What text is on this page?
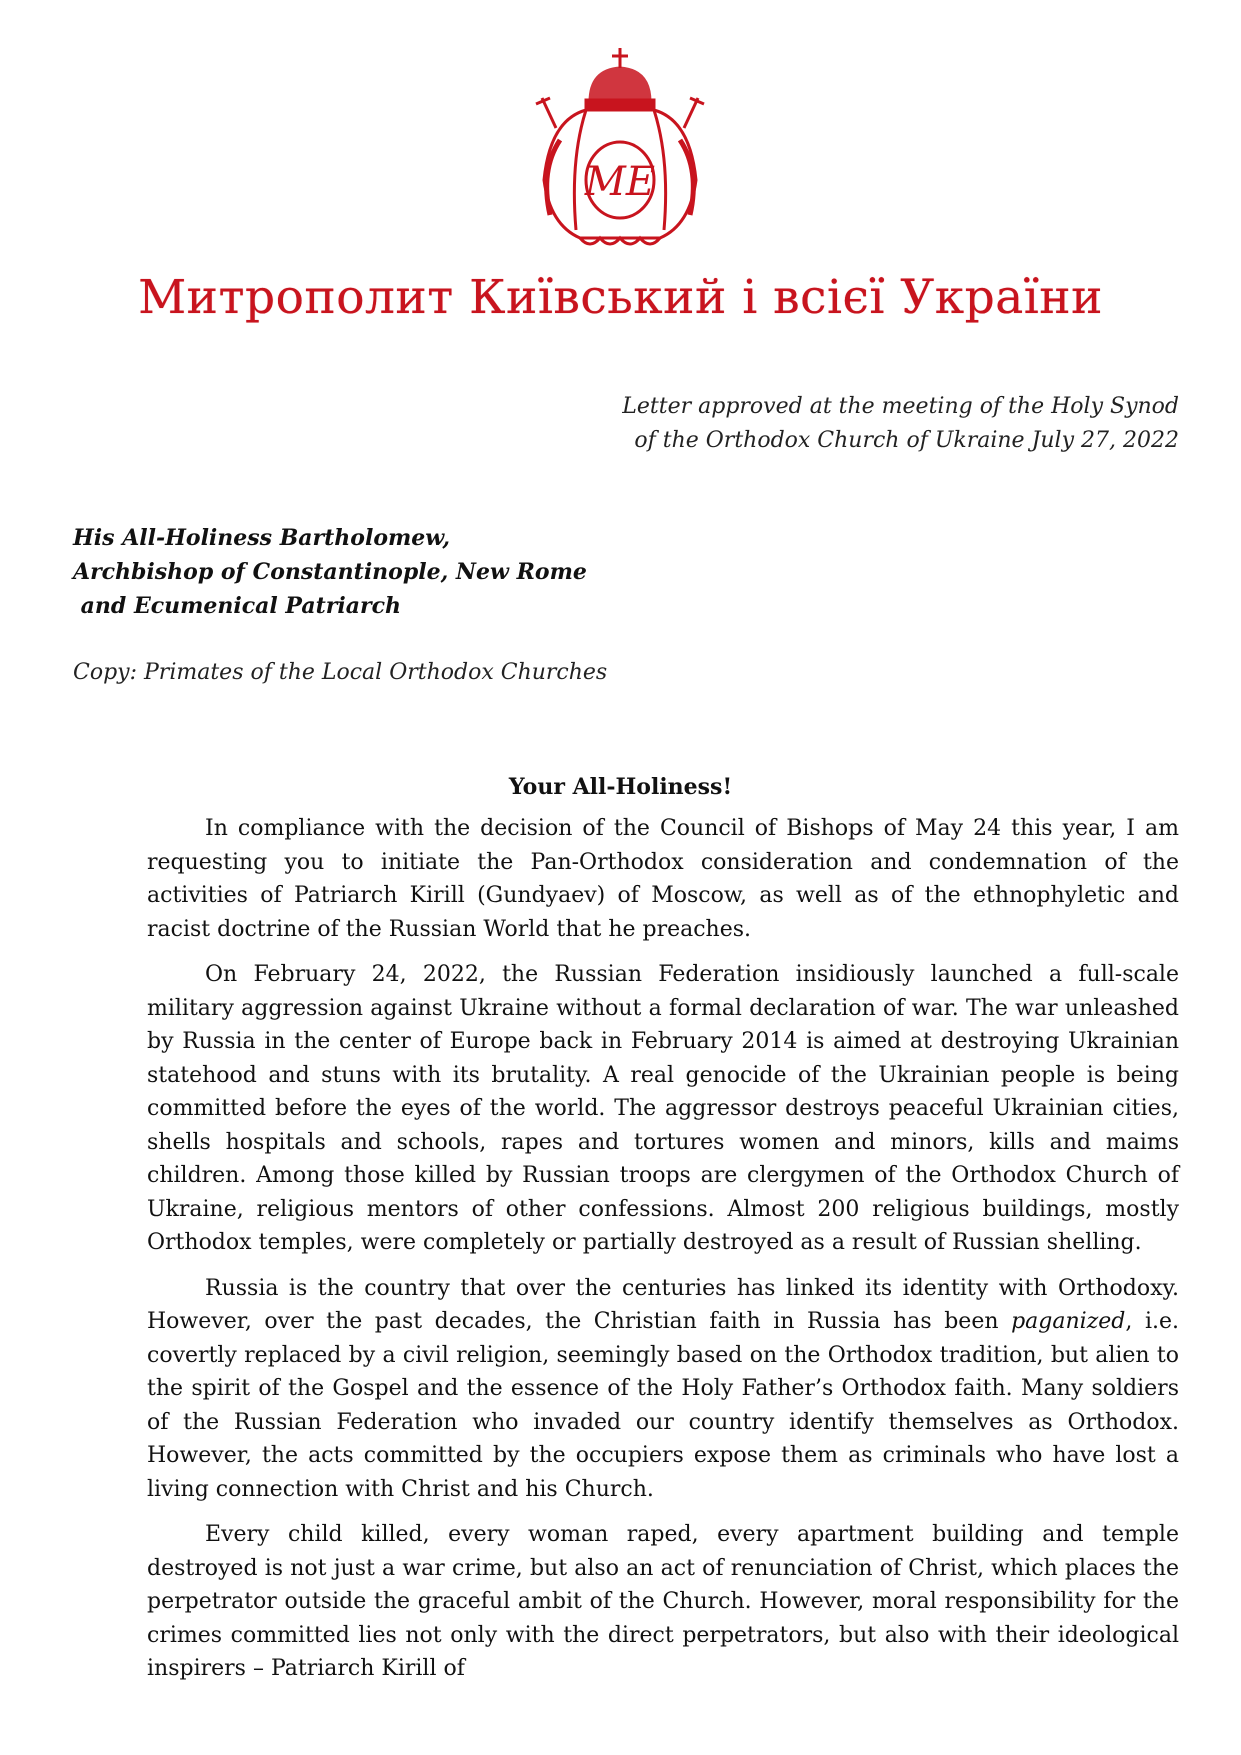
МЕ
Митрополит Київський і всієї України
Letter approved at the meeting of the Holy Synod
of the Orthodox Church of Ukraine July 27, 2022
His All-Holiness Bartholomew,
Archbishop of Constantinople, New Rome
and Ecumenical Patriarch
Copy: Primates of the Local Orthodox Churches
Your All-Holiness!

In compliance with the decision of the Council of Bishops of May 24 this year, I am requesting you to initiate the Pan-Orthodox consideration and condemnation of the activities of Patriarch Kirill (Gundyaev) of Moscow, as well as of the ethnophyletic and racist doctrine of the Russian World that he preaches.

On February 24, 2022, the Russian Federation insidiously launched a full-scale military aggression against Ukraine without a formal declaration of war. The war unleashed by Russia in the center of Europe back in February 2014 is aimed at destroying Ukrainian statehood and stuns with its brutality. A real genocide of the Ukrainian people is being committed before the eyes of the world. The aggressor destroys peaceful Ukrainian cities, shells hospitals and schools, rapes and tortures women and minors, kills and maims children. Among those killed by Russian troops are clergymen of the Orthodox Church of Ukraine, religious mentors of other confessions. Almost 200 religious buildings, mostly Orthodox temples, were completely or partially destroyed as a result of Russian shelling.

Russia is the country that over the centuries has linked its identity with Orthodoxy. However, over the past decades, the Christian faith in Russia has been paganized, i.e. covertly replaced by a civil religion, seemingly based on the Orthodox tradition, but alien to the spirit of the Gospel and the essence of the Holy Father’s Orthodox faith. Many soldiers of the Russian Federation who invaded our country identify themselves as Orthodox. However, the acts committed by the occupiers expose them as criminals who have lost a living connection with Christ and his Church.

Every child killed, every woman raped, every apartment building and temple destroyed is not just a war crime, but also an act of renunciation of Christ, which places the perpetrator outside the graceful ambit of the Church. However, moral responsibility for the crimes committed lies not only with the direct perpetrators, but also with their ideological inspirers – Patriarch Kirill of
